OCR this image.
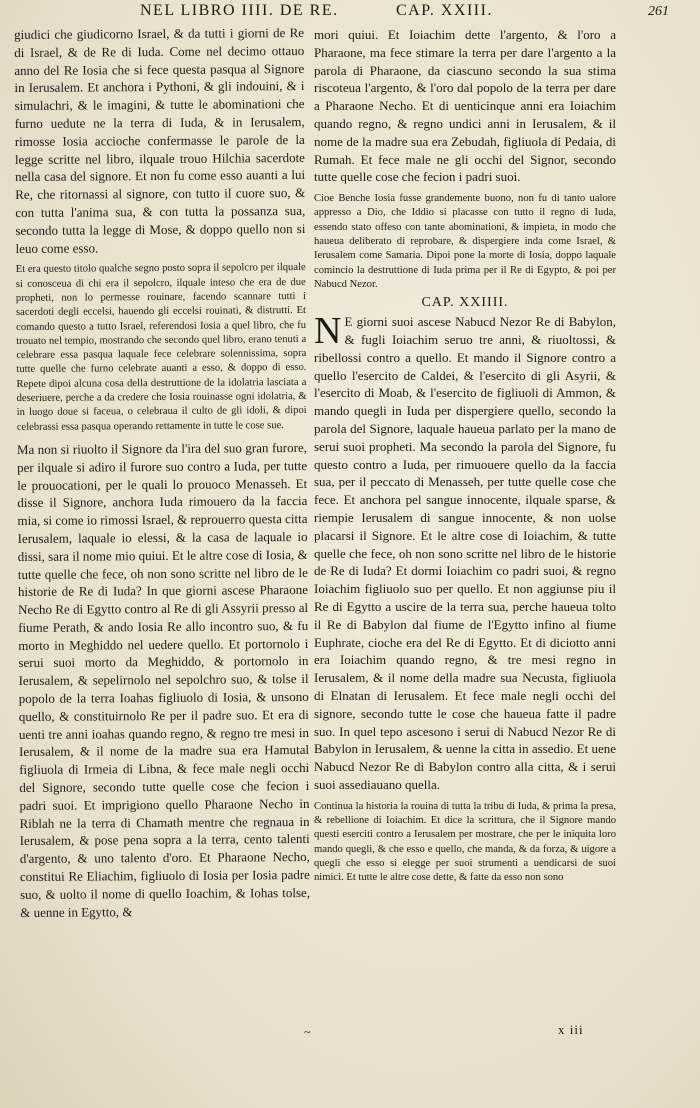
NEL LIBRO IIII. DE RE.	CAP. XXIII.	261

giudici che giudicorno Israel, & da tutti i giorni de Re di Israel, & de Re di Iuda. Come nel decimo ottauo anno del Re Iosia che si fece questa pasqua al Signore in Ierusalem. Et anchora i Pythoni, & gli indouini, & i simulachri, & le imagini, & tutte le abominationi che furno uedute ne la terra di Iuda, & in Ierusalem, rimosse Iosia accioche confermasse le parole de la legge scritte nel libro, ilquale trouo Hilchia sacerdote nella casa del signore. Et non fu come esso auanti a lui Re, che ritornassi al signore, con tutto il cuore suo, & con tutta l'anima sua, & con tutta la possanza sua, secondo tutta la legge di Mose, & doppo quello non si leuo come esso.

Et era questo titolo qualche segno posto sopra il sepolcro per ilquale si conosceua di chi era il sepolcro, ilquale inteso che era de due propheti, non lo permesse rouinare, facendo scannare tutti i sacerdoti degli eccelsi, hauendo gli eccelsi rouinati, & distrutti. Et comando questo a tutto Israel, referendosi Iosia a quel libro, che fu trouato nel tempio, mostrando che secondo quel libro, erano tenuti a celebrare essa pasqua laquale fece celebrare solennissima, sopra tutte quelle che furno celebrate auanti a esso, & doppo di esso. Repete dipoi alcuna cosa della destruttione de la idolatria lasciata a deseriuere, perche a da credere che Iosia rouinasse ogni idolatria, & in luogo doue si faceua, o celebraua il culto de gli idoli, & dipoi celebrassi essa pasqua operando rettamente in tutte le cose sue.

Ma non si riuolto il Signore da l'ira del suo gran furore, per ilquale si adiro il furore suo contro a Iuda, per tutte le prouocationi, per le quali lo prouoco Menasseh. Et disse il Signore, anchora Iuda rimouero da la faccia mia, si come io rimossi Israel, & reprouerro questa citta Ierusalem, laquale io elessi, & la casa de laquale io dissi, sara il nome mio quiui. Et le altre cose di Iosia, & tutte quelle che fece, oh non sono scritte nel libro de le historie de Re di Iuda? In que giorni ascese Pharaone Necho Re di Egytto contro al Re di gli Assyrii presso al fiume Perath, & ando Iosia Re allo incontro suo, & fu morto in Meghiddo nel uedere quello. Et portornolo i serui suoi morto da Meghiddo, & portornolo in Ierusalem, & sepelirnolo nel sepolchro suo, & tolse il popolo de la terra Ioahas figliuolo di Iosia, & unsono quello, & constituirnolo Re per il padre suo. Et era di uenti tre anni ioahas quando regno, & regno tre mesi in Ierusalem, & il nome de la madre sua era Hamutal figliuola di Irmeia di Libna, & fece male negli occhi del Signore, secondo tutte quelle cose che fecion i padri suoi. Et imprigiono quello Pharaone Necho in Riblah ne la terra di Chamath mentre che regnaua in Ierusalem, & pose pena sopra a la terra, cento talenti d'argento, & uno talento d'oro. Et Pharaone Necho, constitui Re Eliachim, figliuolo di Iosia per Iosia padre suo, & uolto il nome di quello Ioachim, & Iohas tolse, & uenne in Egytto, &

mori quiui. Et Ioiachim dette l'argento, & l'oro a Pharaone, ma fece stimare la terra per dare l'argento a la parola di Pharaone, da ciascuno secondo la sua stima riscoteua l'argento, & l'oro dal popolo de la terra per dare a Pharaone Necho. Et di uenticinque anni era Ioiachim quando regno, & regno undici anni in Ierusalem, & il nome de la madre sua era Zebudah, figliuola di Pedaia, di Rumah. Et fece male ne gli occhi del Signor, secondo tutte quelle cose che fecion i padri suoi.

Cioe Benche Iosia fusse grandemente buono, non fu di tanto ualore appresso a Dio, che Iddio si placasse con tutto il regno di Iuda, essendo stato offeso con tante abominationi, & impieta, in modo che haueua deliberato di reprobare, & dispergiere inda come Israel, & Ierusalem come Samaria. Dipoi pone la morte di Iosia, doppo laquale comincio la destruttione di Iuda prima per il Re di Egypto, & poi per Nabucd Nezor.

CAP. XXIIII.

N E giorni suoi ascese Nabucd Nezor Re di Babylon, & fugli Ioiachim seruo tre anni, & riuoltossi, & ribellossi contro a quello. Et mando il Signore contro a quello l'esercito de Caldei, & l'esercito di gli Asyrii, & l'esercito di Moab, & l'esercito de figliuoli di Ammon, & mando quegli in Iuda per dispergiere quello, secondo la parola del Signore, laquale haueua parlato per la mano de serui suoi propheti. Ma secondo la parola del Signore, fu questo contro a Iuda, per rimuouere quello da la faccia sua, per il peccato di Menasseh, per tutte quelle cose che fece. Et anchora pel sangue innocente, ilquale sparse, & riempie Ierusalem di sangue innocente, & non uolse placarsi il Signore. Et le altre cose di Ioiachim, & tutte quelle che fece, oh non sono scritte nel libro de le historie de Re di Iuda? Et dormi Ioiachim co padri suoi, & regno Ioiachim figliuolo suo per quello. Et non aggiunse piu il Re di Egytto a uscire de la terra sua, perche haueua tolto il Re di Babylon dal fiume de l'Egytto infino al fiume Euphrate, cioche era del Re di Egytto. Et di diciotto anni era Ioiachim quando regno, & tre mesi regno in Ierusalem, & il nome della madre sua Necusta, figliuola di Elnatan di Ierusalem. Et fece male negli occhi del signore, secondo tutte le cose che haueua fatte il padre suo. In quel tepo ascesono i serui di Nabucd Nezor Re di Babylon in Ierusalem, & uenne la citta in assedio. Et uene Nabucd Nezor Re di Babylon contro alla citta, & i serui suoi assediauano quella.

Continua la historia la rouina di tutta la tribu di Iuda, & prima la presa, & rebellione di Ioiachim. Et dice la scrittura, che il Signore mando questi eserciti contro a Ierusalem per mostrare, che per le iniquita loro mando quegli, & che esso e quello, che manda, & da forza, & uigore a quegli che esso si elegge per suoi strumenti a uendicarsi de suoi nimici. Et tutte le altre cose dette, & fatte da esso non sono

~	x iii
